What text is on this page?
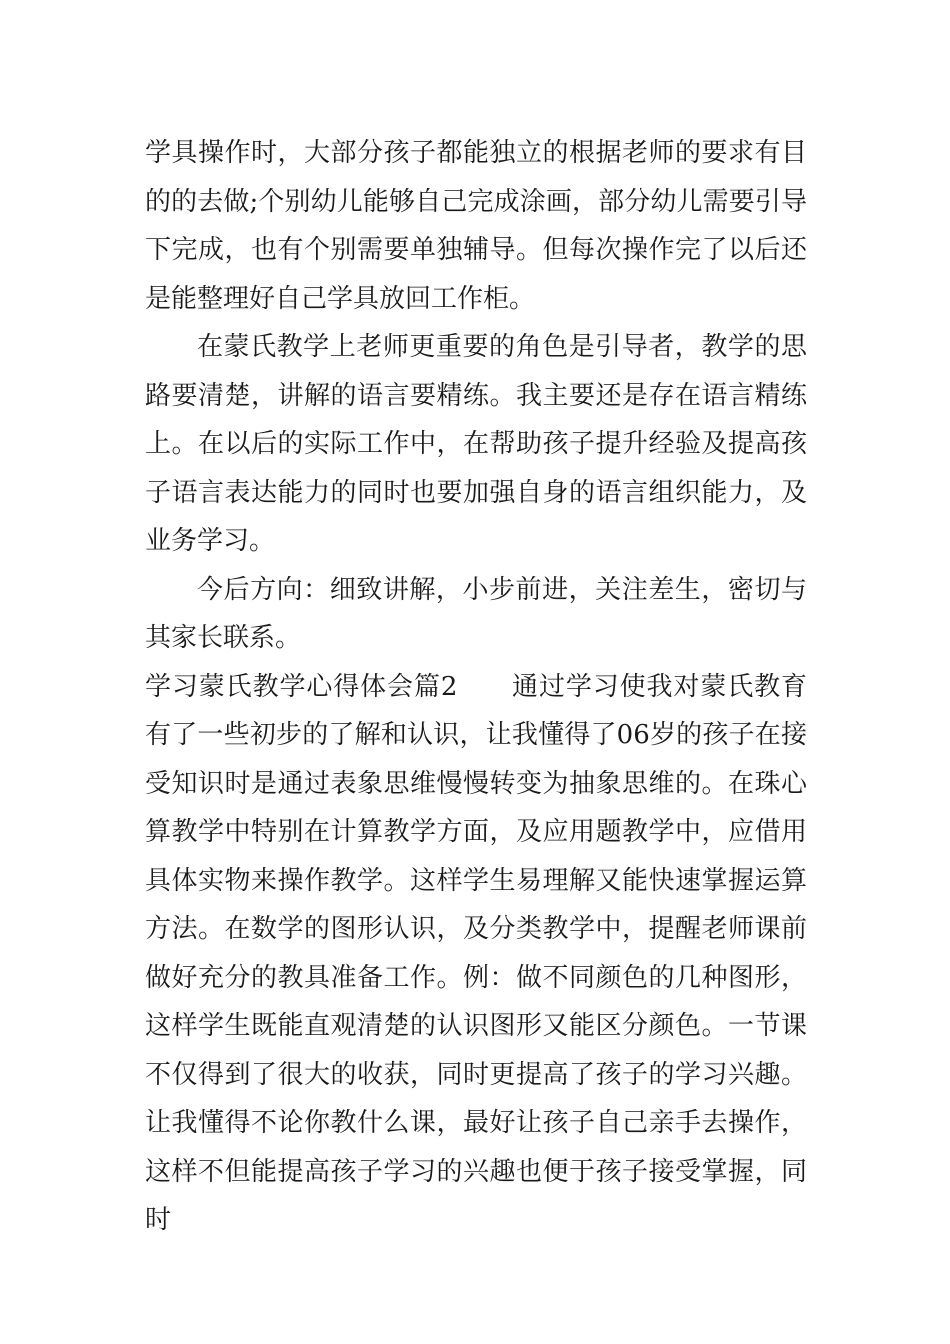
学具操作时，大部分孩子都能独立的根据老师的要求有目的的去做;个别幼儿能够自己完成涂画，部分幼儿需要引导下完成，也有个别需要单独辅导。但每次操作完了以后还是能整理好自己学具放回工作柜。

在蒙氏教学上老师更重要的角色是引导者，教学的思路要清楚，讲解的语言要精练。我主要还是存在语言精练上。在以后的实际工作中，在帮助孩子提升经验及提高孩子语言表达能力的同时也要加强自身的语言组织能力，及业务学习。

今后方向：细致讲解，小步前进，关注差生，密切与其家长联系。

学习蒙氏教学心得体会篇2　　通过学习使我对蒙氏教育有了一些初步的了解和认识，让我懂得了06岁的孩子在接受知识时是通过表象思维慢慢转变为抽象思维的。在珠心算教学中特别在计算教学方面，及应用题教学中，应借用具体实物来操作教学。这样学生易理解又能快速掌握运算方法。在数学的图形认识，及分类教学中，提醒老师课前做好充分的教具准备工作。例：做不同颜色的几种图形，这样学生既能直观清楚的认识图形又能区分颜色。一节课不仅得到了很大的收获，同时更提高了孩子的学习兴趣。让我懂得不论你教什么课，最好让孩子自己亲手去操作，这样不但能提高孩子学习的兴趣也便于孩子接受掌握，同时
